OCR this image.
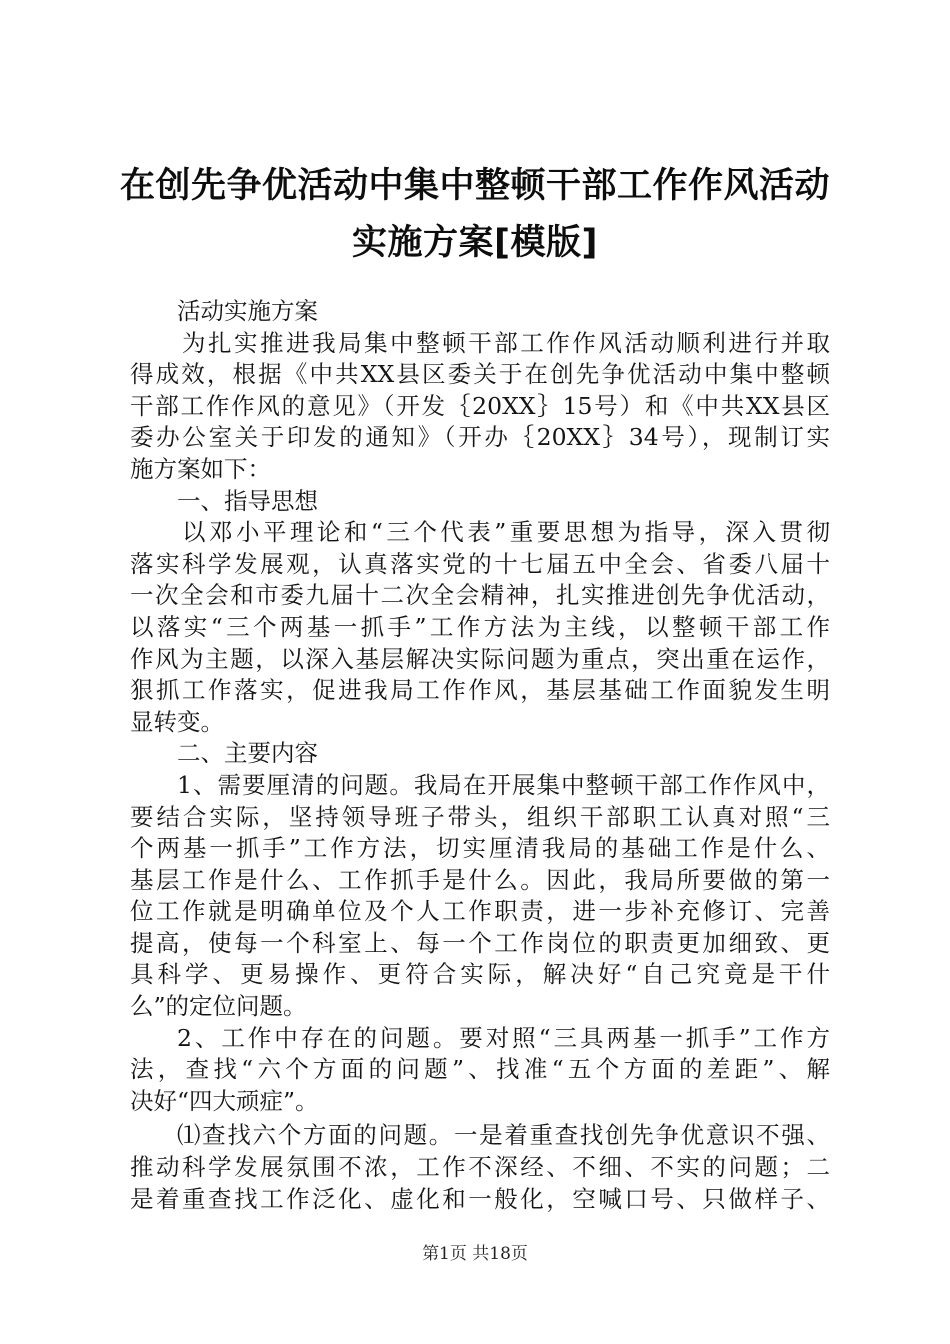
在创先争优活动中集中整顿干部工作作风活动
实施方案[模版]
活动实施方案
为扎实推进我局集中整顿干部工作作风活动顺利进行并取
得成效，根据《中共XX县区委关于在创先争优活动中集中整顿
干部工作作风的意见》（开发｛20XX｝15号）和《中共XX县区
委办公室关于印发的通知》（开办｛20XX｝34号），现制订实
施方案如下：
一、指导思想
以邓小平理论和“三个代表”重要思想为指导，深入贯彻
落实科学发展观，认真落实党的十七届五中全会、省委八届十
一次全会和市委九届十二次全会精神，扎实推进创先争优活动，
以落实“三个两基一抓手”工作方法为主线，以整顿干部工作
作风为主题，以深入基层解决实际问题为重点，突出重在运作，
狠抓工作落实，促进我局工作作风，基层基础工作面貌发生明
显转变。
二、主要内容
1、需要厘清的问题。我局在开展集中整顿干部工作作风中，
要结合实际，坚持领导班子带头，组织干部职工认真对照“三
个两基一抓手”工作方法，切实厘清我局的基础工作是什么、
基层工作是什么、工作抓手是什么。因此，我局所要做的第一
位工作就是明确单位及个人工作职责，进一步补充修订、完善
提高，使每一个科室上、每一个工作岗位的职责更加细致、更
具科学、更易操作、更符合实际，解决好“自己究竟是干什
么”的定位问题。
2、工作中存在的问题。要对照“三具两基一抓手”工作方
法，查找“六个方面的问题”、找准“五个方面的差距”、解
决好“四大顽症”。
⑴查找六个方面的问题。一是着重查找创先争优意识不强、
推动科学发展氛围不浓，工作不深经、不细、不实的问题；二
是着重查找工作泛化、虚化和一般化，空喊口号、只做样子、
第1页 共18页
